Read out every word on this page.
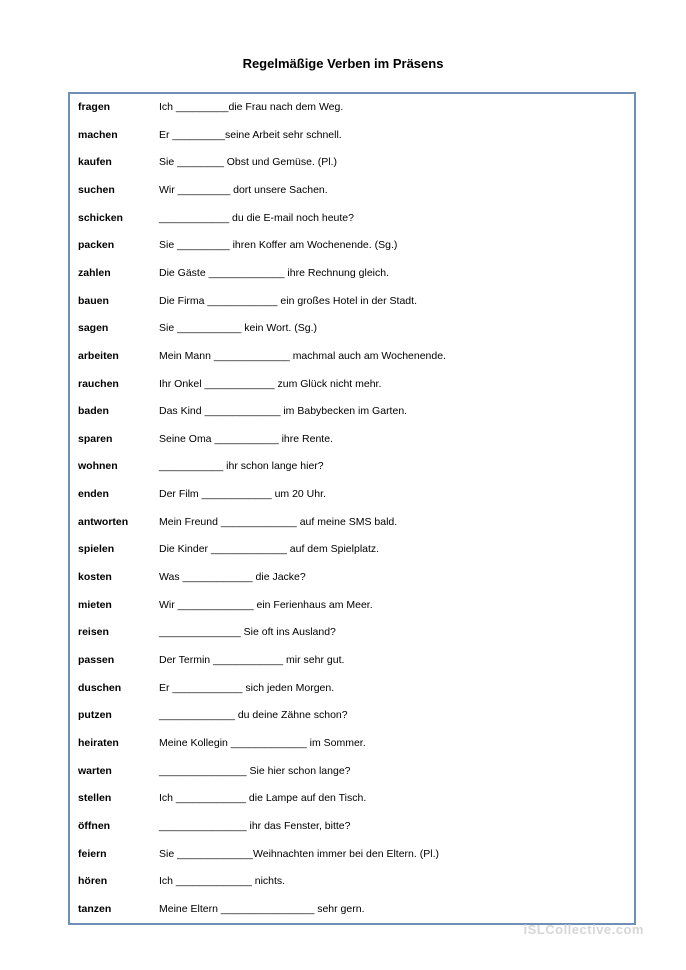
Regelmäßige Verben im Präsens
fragen	Ich _________die Frau nach dem Weg.
machen	Er _________seine Arbeit sehr schnell.
kaufen	Sie ________ Obst und Gemüse. (Pl.)
suchen	Wir _________ dort unsere Sachen.
schicken	____________ du die E-mail noch heute?
packen	Sie _________ ihren Koffer am Wochenende. (Sg.)
zahlen	Die Gäste _____________ ihre Rechnung gleich.
bauen	Die Firma ____________ ein großes Hotel in der Stadt.
sagen	Sie ___________ kein Wort. (Sg.)
arbeiten	Mein Mann _____________ machmal auch am Wochenende.
rauchen	Ihr Onkel ____________ zum Glück nicht mehr.
baden	Das Kind _____________ im Babybecken im Garten.
sparen	Seine Oma ___________ ihre Rente.
wohnen	___________ ihr schon lange hier?
enden	Der Film ____________ um 20 Uhr.
antworten	Mein Freund _____________ auf meine SMS bald.
spielen	Die Kinder _____________ auf dem Spielplatz.
kosten	Was ____________ die Jacke?
mieten	Wir _____________ ein Ferienhaus am Meer.
reisen	______________ Sie oft ins Ausland?
passen	Der Termin ____________ mir sehr gut.
duschen	Er ____________ sich jeden Morgen.
putzen	_____________ du deine Zähne schon?
heiraten	Meine Kollegin _____________ im Sommer.
warten	_______________ Sie hier schon lange?
stellen	Ich ____________ die Lampe auf den Tisch.
öffnen	_______________ ihr das Fenster, bitte?
feiern	Sie _____________Weihnachten immer bei den Eltern. (Pl.)
hören	Ich _____________ nichts.
tanzen	Meine Eltern ________________ sehr gern.
iSLCollective.com
